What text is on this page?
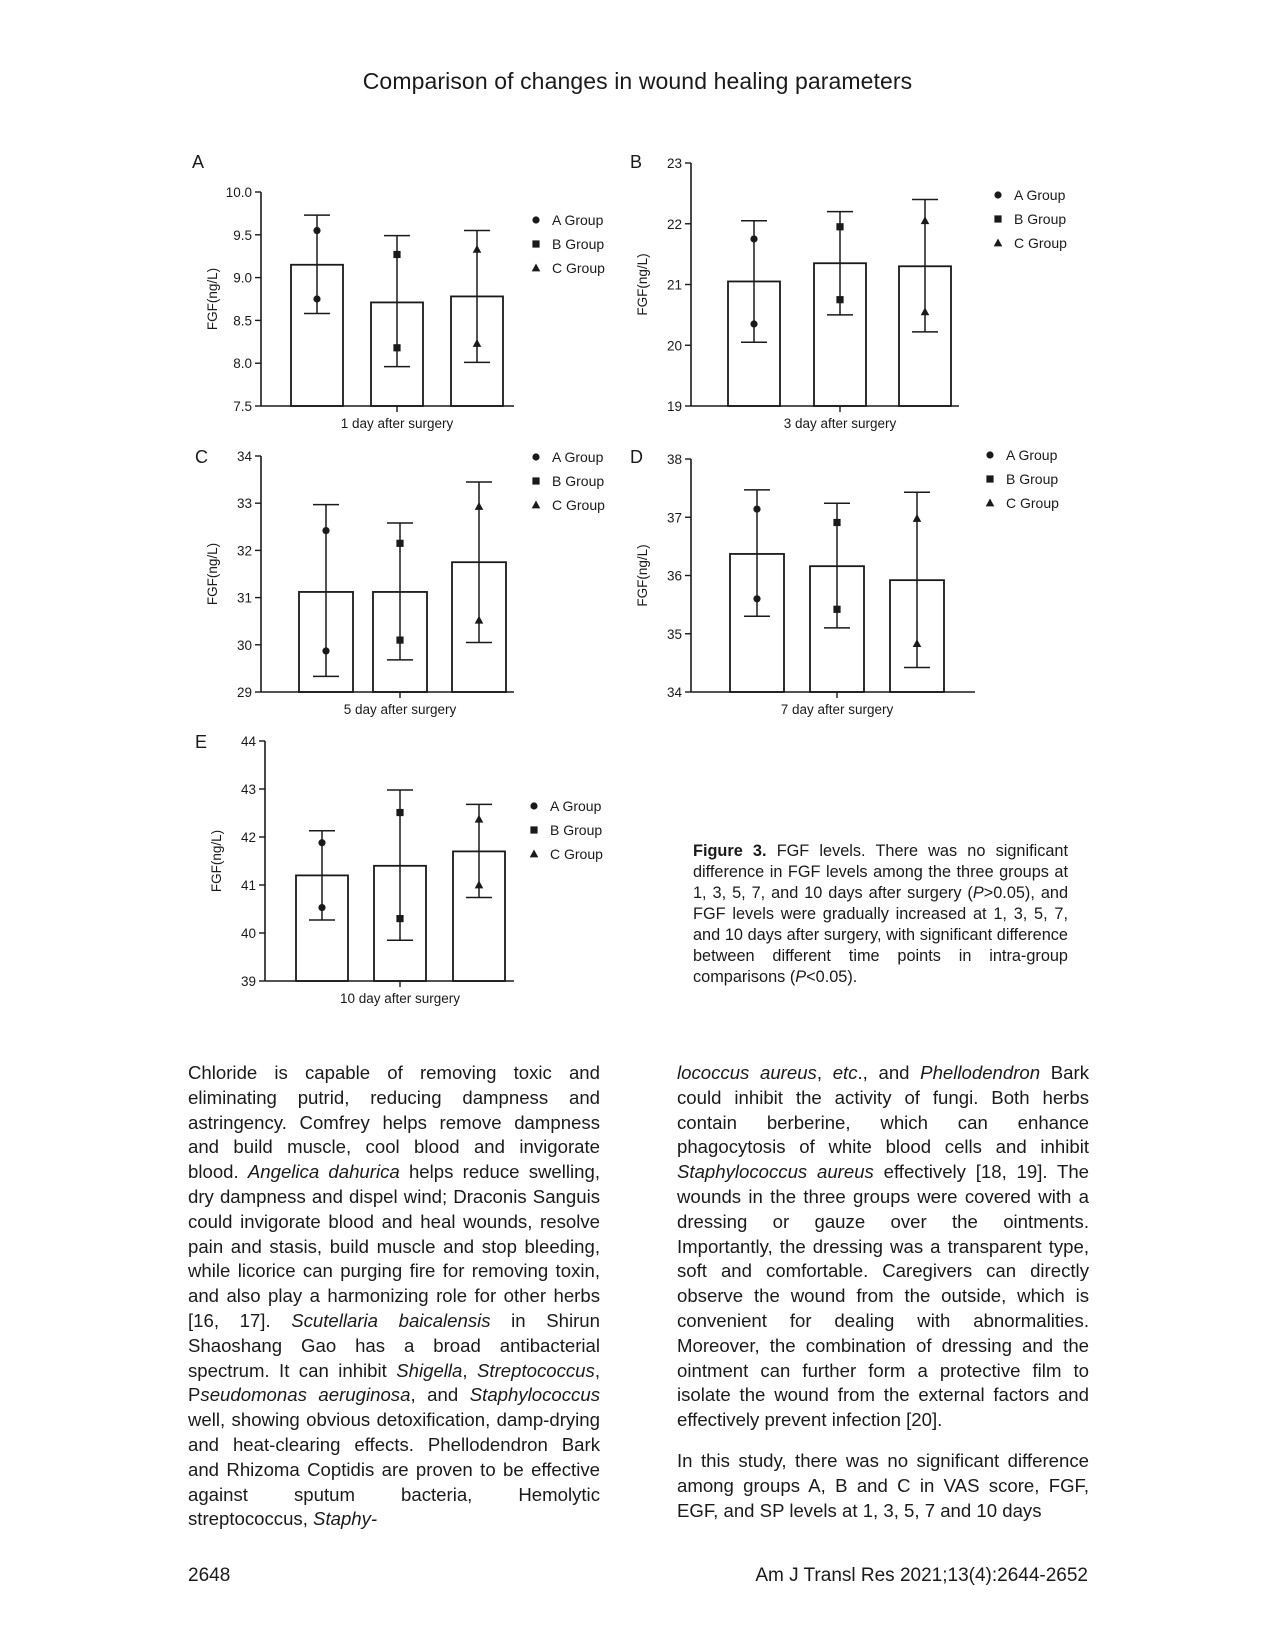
Comparison of changes in wound healing parameters
A
7.5
8.0
8.5
9.0
9.5
10.0
FGF(ng/L)
1 day after surgery
A Group
B Group
C Group
B
19
20
21
22
23
FGF(ng/L)
3 day after surgery
A Group
B Group
C Group
C
29
30
31
32
33
34
FGF(ng/L)
5 day after surgery
A Group
B Group
C Group
D
34
35
36
37
38
FGF(ng/L)
7 day after surgery
A Group
B Group
C Group
E
39
40
41
42
43
44
FGF(ng/L)
10 day after surgery
A Group
B Group
C Group	Figure 3. FGF levels. There was no significant difference in FGF levels among the three groups at 1, 3, 5, 7, and 10 days after surgery (P>0.05), and FGF levels were gradually increased at 1, 3, 5, 7, and 10 days after surgery, with significant difference between different time points in intra-group comparisons (P<0.05).

Chloride is capable of removing toxic and eliminating putrid, reducing dampness and astringency. Comfrey helps remove dampness and build muscle, cool blood and invigorate blood. Angelica dahurica helps reduce swelling, dry dampness and dispel wind; Draconis Sanguis could invigorate blood and heal wounds, resolve pain and stasis, build muscle and stop bleeding, while licorice can purging fire for removing toxin, and also play a harmonizing role for other herbs [16, 17]. Scutellaria baicalensis in Shirun Shaoshang Gao has a broad antibacterial spectrum. It can inhibit Shigella, Streptococcus, Pseudomonas aeruginosa, and Staphylococcus well, showing obvious detoxification, damp-drying and heat-clearing effects. Phellodendron Bark and Rhizoma Coptidis are proven to be effective against sputum bacteria, Hemolytic streptococcus, Staphy-

lococcus aureus, etc., and Phellodendron Bark could inhibit the activity of fungi. Both herbs contain berberine, which can enhance phagocytosis of white blood cells and inhibit Staphylococcus aureus effectively [18, 19]. The wounds in the three groups were covered with a dressing or gauze over the ointments. Importantly, the dressing was a transparent type, soft and comfortable. Caregivers can directly observe the wound from the outside, which is convenient for dealing with abnormalities. Moreover, the combination of dressing and the ointment can further form a protective film to isolate the wound from the external factors and effectively prevent infection [20].

In this study, there was no significant difference among groups A, B and C in VAS score, FGF, EGF, and SP levels at 1, 3, 5, 7 and 10 days

2648	Am J Transl Res 2021;13(4):2644-2652
